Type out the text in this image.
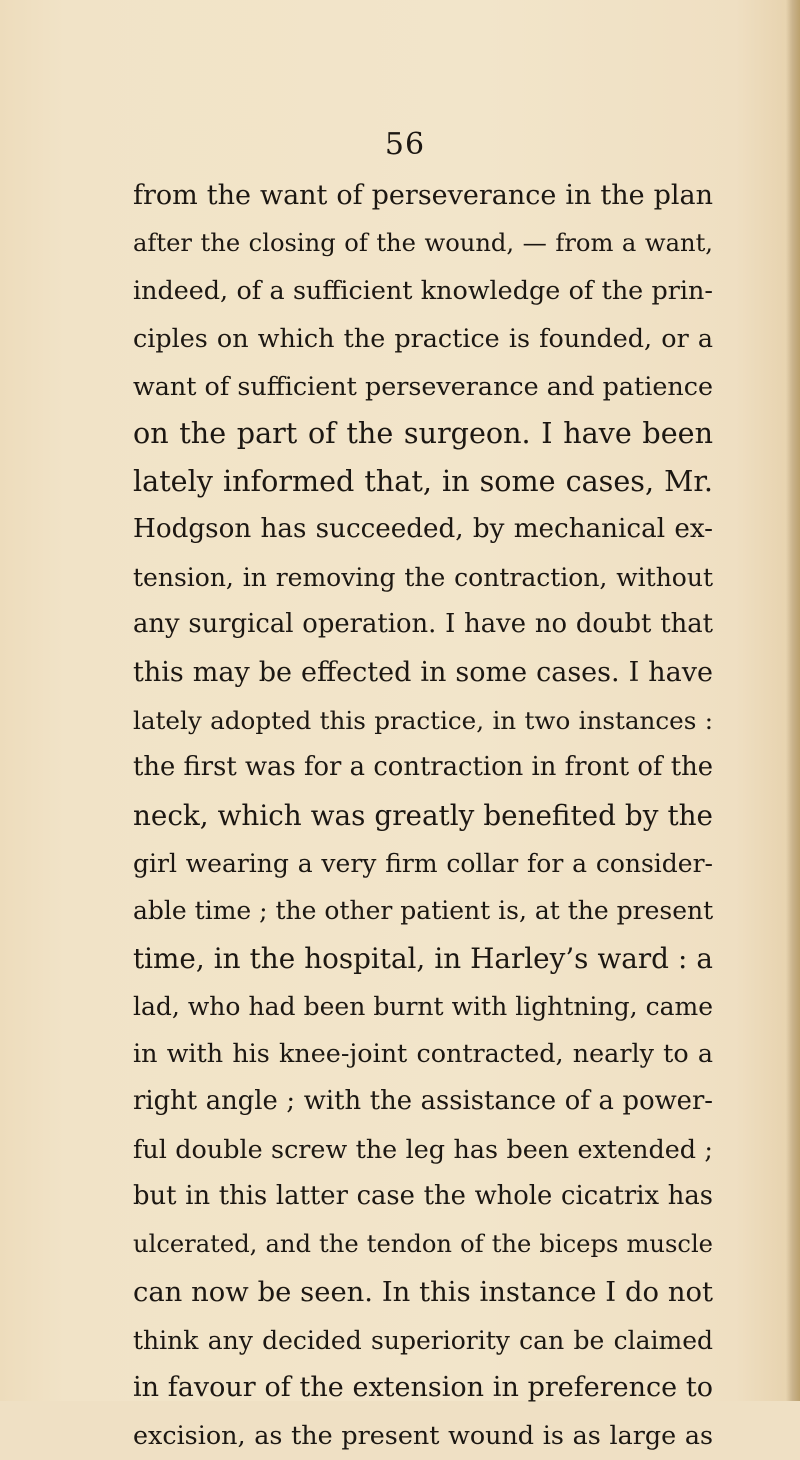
56
from the want of perseverance in the plan
after the closing of the wound, — from a want,
indeed, of a sufficient knowledge of the prin-
ciples on which the practice is founded, or a
want of sufficient perseverance and patience
on the part of the surgeon. I have been
lately informed that, in some cases, Mr.
Hodgson has succeeded, by mechanical ex-
tension, in removing the contraction, without
any surgical operation. I have no doubt that
this may be effected in some cases. I have
lately adopted this practice, in two instances :
the first was for a contraction in front of the
neck, which was greatly benefited by the
girl wearing a very firm collar for a consider-
able time ; the other patient is, at the present
time, in the hospital, in Harley’s ward : a
lad, who had been burnt with lightning, came
in with his knee-joint contracted, nearly to a
right angle ; with the assistance of a power-
ful double screw the leg has been extended ;
but in this latter case the whole cicatrix has
ulcerated, and the tendon of the biceps muscle
can now be seen. In this instance I do not
think any decided superiority can be claimed
in favour of the extension in preference to
excision, as the present wound is as large as
